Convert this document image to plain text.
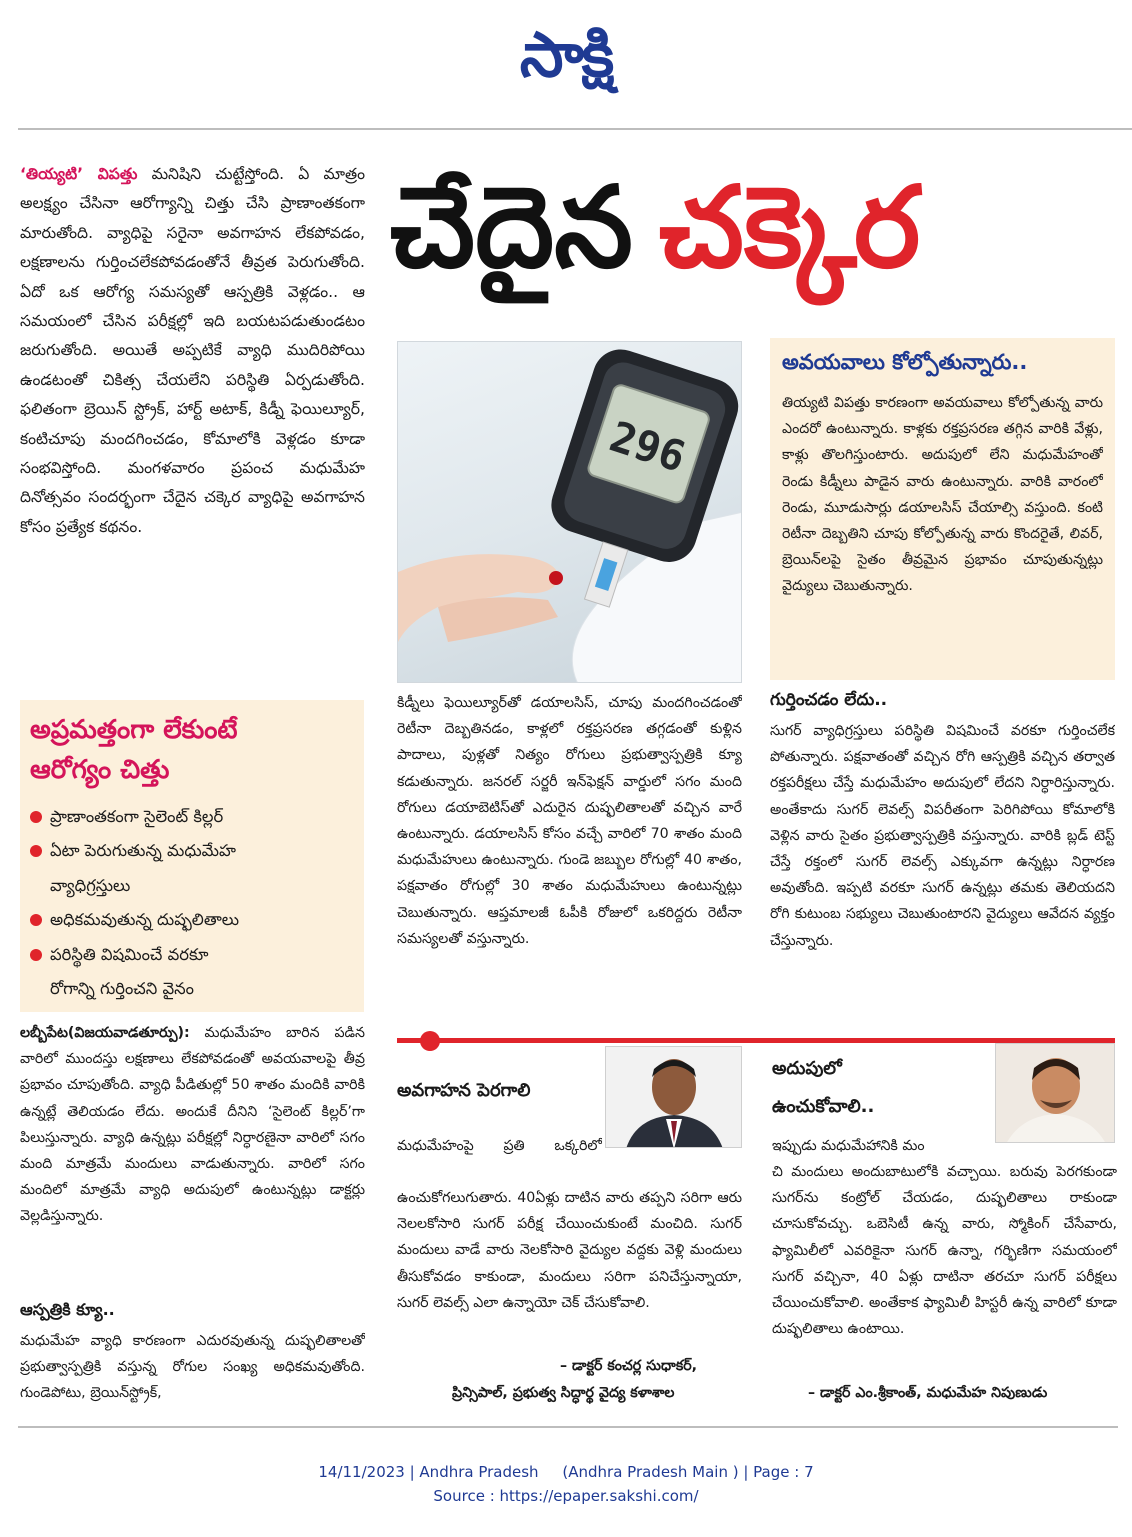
సాక్షి
చేదైన చక్కెర
‘తియ్యటి’ విపత్తు మనిషిని చుట్టేస్తోంది. ఏ మాత్రం అలక్ష్యం చేసినా ఆరోగ్యాన్ని చిత్తు చేసి ప్రాణాంతకంగా మారుతోంది. వ్యాధిపై సరైనా అవగాహన లేకపోవడం, లక్షణాలను గుర్తించలేకపోవడంతోనే తీవ్రత పెరుగుతోంది. ఏదో ఒక ఆరోగ్య సమస్యతో ఆస్పత్రికి వెళ్లడం.. ఆ సమయంలో చేసిన పరీక్షల్లో ఇది బయటపడుతుండటం జరుగుతోంది. అయితే అప్పటికే వ్యాధి ముదిరిపోయి ఉండటంతో చికిత్స చేయలేని పరిస్థితి ఏర్పడుతోంది. ఫలితంగా బ్రెయిన్ స్ట్రోక్, హార్ట్ అటాక్, కిడ్నీ ఫెయిల్యూర్, కంటిచూపు మందగించడం, కోమాలోకి వెళ్లడం కూడా సంభవిస్తోంది. మంగళవారం ప్రపంచ మధుమేహ దినోత్సవం సందర్భంగా చేదైన చక్కెర వ్యాధిపై అవగాహన కోసం ప్రత్యేక కథనం.
అప్రమత్తంగా లేకుంటే
ఆరోగ్యం చిత్తు
ప్రాణాంతకంగా సైలెంట్ కిల్లర్
ఏటా పెరుగుతున్న మధుమేహ
వ్యాధిగ్రస్తులు
అధికమవుతున్న దుష్ఫలితాలు
పరిస్థితి విషమించే వరకూ
రోగాన్ని గుర్తించని వైనం
లబ్బీపేట(విజయవాడతూర్పు): మధుమేహం బారిన పడిన వారిలో ముందస్తు లక్షణాలు లేకపోవడంతో అవయవాలపై తీవ్ర ప్రభావం చూపుతోంది. వ్యాధి పీడితుల్లో 50 శాతం మందికి వారికి ఉన్నట్లే తెలియడం లేదు. అందుకే దీనిని ‘సైలెంట్ కిల్లర్’గా పిలుస్తున్నారు. వ్యాధి ఉన్నట్లు పరీక్షల్లో నిర్ధారణైనా వారిలో సగం మంది మాత్రమే మందులు వాడుతున్నారు. వారిలో సగం మందిలో మాత్రమే వ్యాధి అదుపులో ఉంటున్నట్లు డాక్టర్లు వెల్లడిస్తున్నారు.
ఆస్పత్రికి క్యూ..
మధుమేహ వ్యాధి కారణంగా ఎదురవుతున్న దుష్ఫలితాలతో ప్రభుత్వాస్పత్రికి వస్తున్న రోగుల సంఖ్య అధికమవుతోంది. గుండెపోటు, బ్రెయిన్‌స్ట్రోక్,
296
కిడ్నీలు ఫెయిల్యూర్‌తో డయాలసిస్, చూపు మందగించడంతో రెటీనా దెబ్బతినడం, కాళ్లలో రక్తప్రసరణ తగ్గడంతో కుళ్లిన పాదాలు, పుళ్లతో నిత్యం రోగులు ప్రభుత్వాస్పత్రికి క్యూ కడుతున్నారు. జనరల్ సర్జరీ ఇన్‌ఫెక్షన్ వార్డులో సగం మంది రోగులు డయాబెటిస్‌తో ఎదురైన దుష్ఫలితాలతో వచ్చిన వారే ఉంటున్నారు. డయాలసిస్ కోసం వచ్చే వారిలో 70 శాతం మంది మధుమేహులు ఉంటున్నారు. గుండె జబ్బుల రోగుల్లో 40 శాతం, పక్షవాతం రోగుల్లో 30 శాతం మధుమేహులు ఉంటున్నట్లు చెబుతున్నారు. ఆప్తమాలజీ ఓపీకి రోజులో ఒకరిద్దరు రెటీనా సమస్యలతో వస్తున్నారు.
అవయవాలు కోల్పోతున్నారు..
తియ్యటి విపత్తు కారణంగా అవయవాలు కోల్పోతున్న వారు ఎందరో ఉంటున్నారు. కాళ్లకు రక్తప్రసరణ తగ్గిన వారికి వేళ్లు, కాళ్లు తొలగిస్తుంటారు. అదుపులో లేని మధుమేహంతో రెండు కిడ్నీలు పాడైన వారు ఉంటున్నారు. వారికి వారంలో రెండు, మూడుసార్లు డయాలసిస్ చేయాల్సి వస్తుంది. కంటి రెటీనా దెబ్బతిని చూపు కోల్పోతున్న వారు కొందరైతే, లివర్, బ్రెయిన్‌లపై సైతం తీవ్రమైన ప్రభావం చూపుతున్నట్లు వైద్యులు చెబుతున్నారు.
గుర్తించడం లేదు..
సుగర్ వ్యాధిగ్రస్తులు పరిస్థితి విషమించే వరకూ గుర్తించలేక పోతున్నారు. పక్షవాతంతో వచ్చిన రోగి ఆస్పత్రికి వచ్చిన తర్వాత రక్తపరీక్షలు చేస్తే మధుమేహం అదుపులో లేదని నిర్ధారిస్తున్నారు. అంతేకాదు సుగర్ లెవల్స్ విపరీతంగా పెరిగిపోయి కోమాలోకి వెళ్లిన వారు సైతం ప్రభుత్వాస్పత్రికి వస్తున్నారు. వారికి బ్లడ్ టెస్ట్ చేస్తే రక్తంలో సుగర్ లెవల్స్ ఎక్కువగా ఉన్నట్లు నిర్ధారణ అవుతోంది. ఇప్పటి వరకూ సుగర్ ఉన్నట్లు తమకు తెలియదని రోగి కుటుంబ సభ్యులు చెబుతుంటారని వైద్యులు ఆవేదన వ్యక్తం చేస్తున్నారు.
అవగాహన పెరగాలి
మధుమేహంపై ప్రతి ఒక్కరిలో
ఉంచుకోగలుగుతారు. 40ఏళ్లు దాటిన వారు తప్పని సరిగా ఆరు నెలలకోసారి సుగర్ పరీక్ష చేయించుకుంటే మంచిది. సుగర్ మందులు వాడే వారు నెలకోసారి వైద్యుల వద్దకు వెళ్లి మందులు తీసుకోవడం కాకుండా, మందులు సరిగా పనిచేస్తున్నాయా, సుగర్ లెవల్స్ ఎలా ఉన్నాయో చెక్ చేసుకోవాలి.
– డాక్టర్ కంచర్ల సుధాకర్,
ప్రిన్సిపాల్, ప్రభుత్వ సిద్ధార్థ వైద్య కళాశాల
అదుపులో
ఉంచుకోవాలి..
ఇప్పుడు మధుమేహానికి మం
చి మందులు అందుబాటులోకి వచ్చాయి. బరువు పెరగకుండా సుగర్‌ను కంట్రోల్ చేయడం, దుష్ఫలితాలు రాకుండా చూసుకోవచ్చు. ఒబెసిటీ ఉన్న వారు, స్మోకింగ్ చేసేవారు, ఫ్యామిలీలో ఎవరికైనా సుగర్ ఉన్నా, గర్భిణిగా సమయంలో సుగర్ వచ్చినా, 40 ఏళ్లు దాటినా తరచూ సుగర్ పరీక్షలు చేయించుకోవాలి. అంతేకాక ఫ్యామిలీ హిస్టరీ ఉన్న వారిలో కూడా దుష్ఫలితాలు ఉంటాయి.
– డాక్టర్ ఎం.శ్రీకాంత్, మధుమేహ నిపుణుడు
14/11/2023 | Andhra Pradesh     (Andhra Pradesh Main ) | Page : 7
Source : https://epaper.sakshi.com/
